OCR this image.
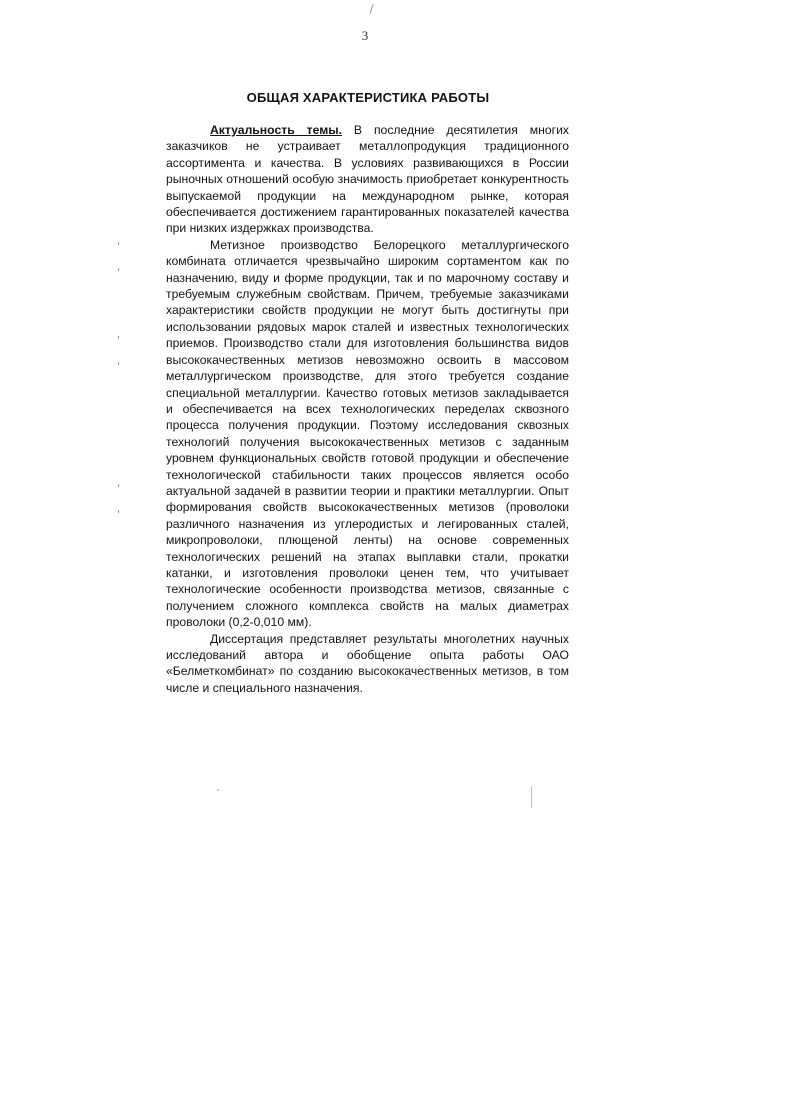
3
ОБЩАЯ ХАРАКТЕРИСТИКА РАБОТЫ

Актуальность темы. В последние десятилетия многих заказчиков не устраивает металлопродукция традиционного ассортимента и качества. В условиях развивающихся в России рыночных отношений особую значимость приобретает конкурентность выпускаемой продукции на международном рынке, которая обеспечивается достижением гарантированных показателей качества при низких издержках производства.

Метизное производство Белорецкого металлургического комбината отличается чрезвычайно широким сортаментом как по назначению, виду и форме продукции, так и по марочному составу и требуемым служебным свойствам. Причем, требуемые заказчиками характеристики свойств продукции не могут быть достигнуты при использовании рядовых марок сталей и известных технологических приемов. Производство стали для изготовления большинства видов высококачественных метизов невозможно освоить в массовом металлургическом производстве, для этого требуется создание специальной металлургии. Качество готовых метизов закладывается и обеспечивается на всех технологических переделах сквозного процесса получения продукции. Поэтому исследования сквозных технологий получения высококачественных метизов с заданным уровнем функциональных свойств готовой продукции и обеспечение технологической стабильности таких процессов является особо актуальной задачей в развитии теории и практики металлургии. Опыт формирования свойств высококачественных метизов (проволоки различного назначения из углеродистых и легированных сталей, микропроволоки, плющеной ленты) на основе современных технологических решений на этапах выплавки стали, прокатки катанки, и изготовления проволоки ценен тем, что учитывает технологические особенности производства метизов, связанные с получением сложного комплекса свойств на малых диаметрах проволоки (0,2-0,010 мм).

Диссертация представляет результаты многолетних научных исследований автора и обобщение опыта работы ОАО «Белметкомбинат» по созданию высококачественных метизов, в том числе и специального назначения.
